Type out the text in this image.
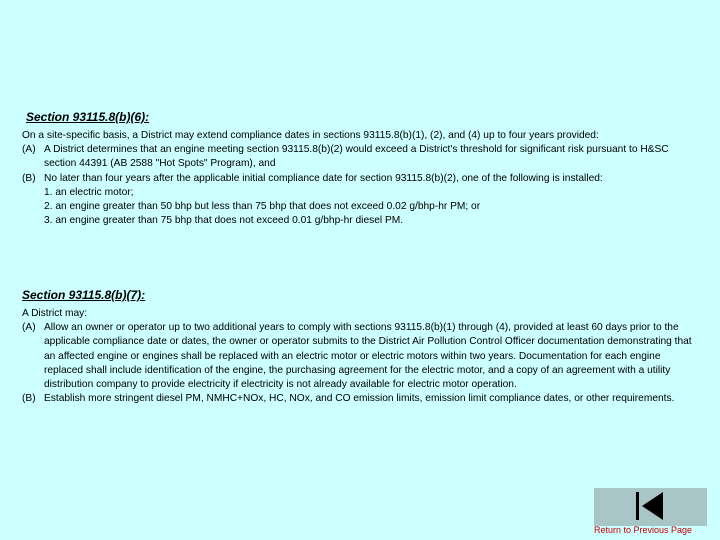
Section 93115.8(b)(6):

On a site-specific basis, a District may extend compliance dates in sections 93115.8(b)(1), (2), and (4) up to four years provided:

(A) A District determines that an engine meeting section 93115.8(b)(2) would exceed a District's threshold for significant risk pursuant to H&SC section 44391 (AB 2588 "Hot Spots" Program), and
(B) No later than four years after the applicable initial compliance date for section 93115.8(b)(2), one of the following is installed:

1. an electric motor;

2. an engine greater than 50 bhp but less than 75 bhp that does not exceed 0.02 g/bhp-hr PM; or

3. an engine greater than 75 bhp that does not exceed 0.01 g/bhp-hr diesel PM.

Section 93115.8(b)(7):

A District may:

(A) Allow an owner or operator up to two additional years to comply with sections 93115.8(b)(1) through (4), provided at least 60 days prior to the applicable compliance date or dates, the owner or operator submits to the District Air Pollution Control Officer documentation demonstrating that an affected engine or engines shall be replaced with an electric motor or electric motors within two years. Documentation for each engine replaced shall include identification of the engine, the purchasing agreement for the electric motor, and a copy of an agreement with a utility distribution company to provide electricity if electricity is not already available for electric motor operation.
(B) Establish more stringent diesel PM, NMHC+NOx, HC, NOx, and CO emission limits, emission limit compliance dates, or other requirements.
Return to Previous Page
